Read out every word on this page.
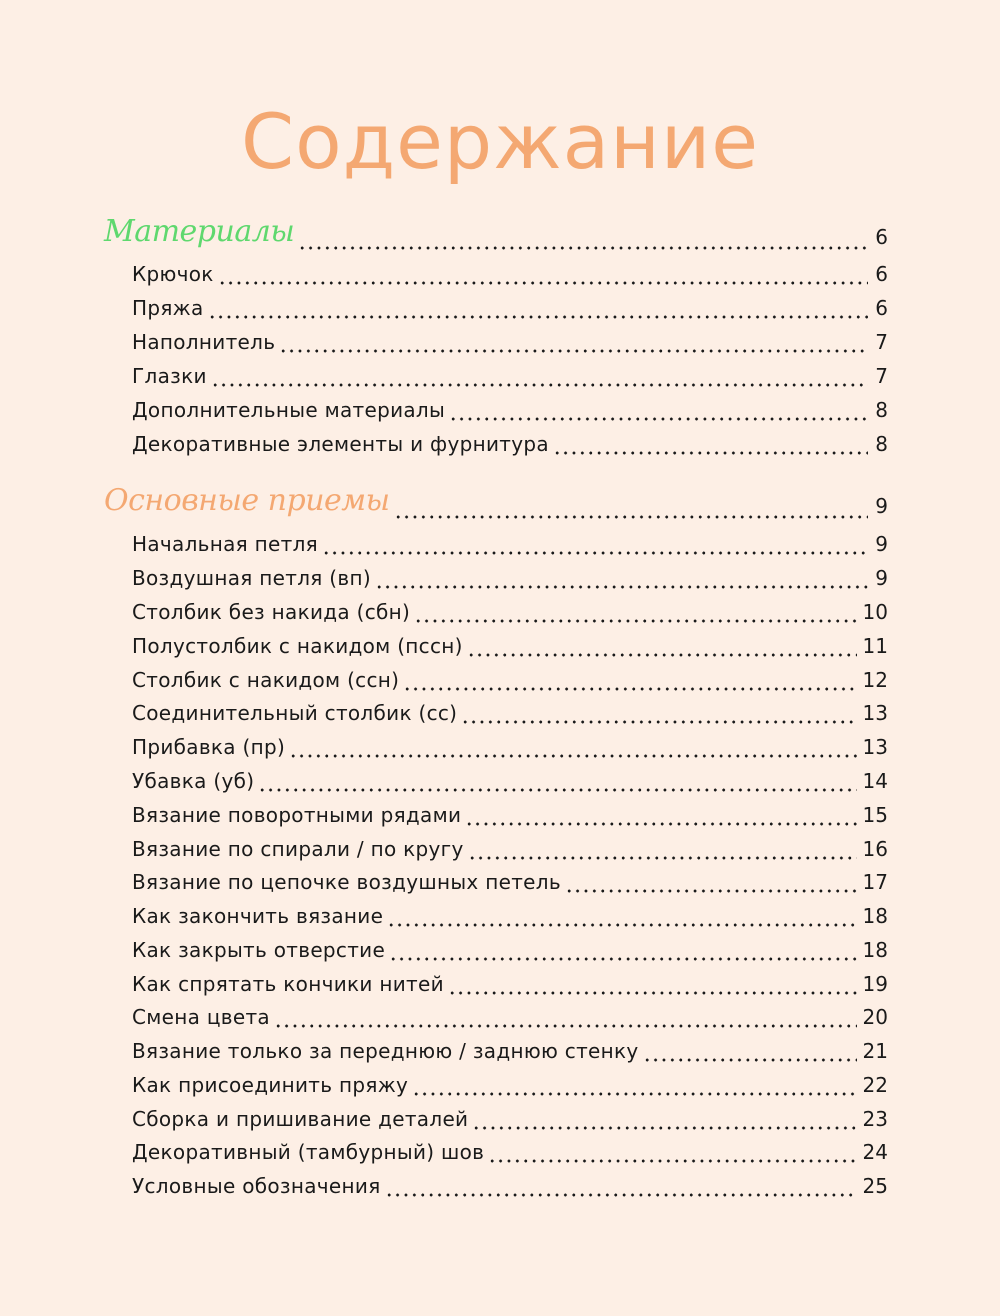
Содержание
Материалы	6
Крючок	6
Пряжа	6
Наполнитель	7
Глазки	7
Дополнительные материалы	8
Декоративные элементы и фурнитура	8
Основные приемы	9
Начальная петля	9
Воздушная петля (вп)	9
Столбик без накида (сбн)	10
Полустолбик с накидом (пссн)	11
Столбик с накидом (ссн)	12
Соединительный столбик (сс)	13
Прибавка (пр)	13
Убавка (уб)	14
Вязание поворотными рядами	15
Вязание по спирали / по кругу	16
Вязание по цепочке воздушных петель	17
Как закончить вязание	18
Как закрыть отверстие	18
Как спрятать кончики нитей	19
Смена цвета	20
Вязание только за переднюю / заднюю стенку	21
Как присоединить пряжу	22
Сборка и пришивание деталей	23
Декоративный (тамбурный) шов	24
Условные обозначения	25
